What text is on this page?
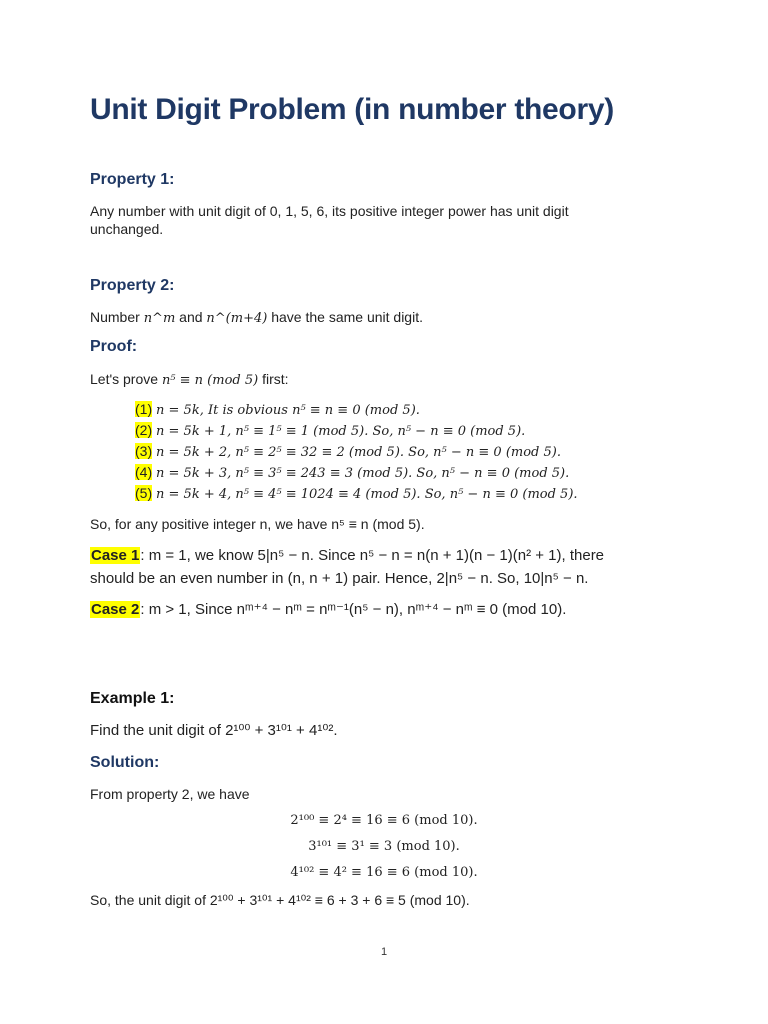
Unit Digit Problem (in number theory)
Property 1:
Any number with unit digit of 0, 1, 5, 6, its positive integer power has unit digit
unchanged.
Property 2:
Number n^m and n^(m+4) have the same unit digit.
Proof:
Let's prove n⁵ ≡ n (mod 5) first:
(1) n = 5k, It is obvious n⁵ ≡ n ≡ 0 (mod 5).
(2) n = 5k + 1, n⁵ ≡ 1⁵ ≡ 1 (mod 5). So, n⁵ − n ≡ 0 (mod 5).
(3) n = 5k + 2, n⁵ ≡ 2⁵ ≡ 32 ≡ 2 (mod 5). So, n⁵ − n ≡ 0 (mod 5).
(4) n = 5k + 3, n⁵ ≡ 3⁵ ≡ 243 ≡ 3 (mod 5). So, n⁵ − n ≡ 0 (mod 5).
(5) n = 5k + 4, n⁵ ≡ 4⁵ ≡ 1024 ≡ 4 (mod 5). So, n⁵ − n ≡ 0 (mod 5).
So, for any positive integer n, we have n⁵ ≡ n (mod 5).
Case 1: m = 1, we know 5|n⁵ − n. Since n⁵ − n = n(n + 1)(n − 1)(n² + 1), there
should be an even number in (n, n + 1) pair. Hence, 2|n⁵ − n. So, 10|n⁵ − n.
Case 2: m > 1, Since nᵐ⁺⁴ − nᵐ = nᵐ⁻¹(n⁵ − n), nᵐ⁺⁴ − nᵐ ≡ 0 (mod 10).
Example 1:
Find the unit digit of 2¹⁰⁰ + 3¹⁰¹ + 4¹⁰².
Solution:
From property 2, we have
2¹⁰⁰ ≡ 2⁴ ≡ 16 ≡ 6 (mod 10).
3¹⁰¹ ≡ 3¹ ≡ 3 (mod 10).
4¹⁰² ≡ 4² ≡ 16 ≡ 6 (mod 10).
So, the unit digit of 2¹⁰⁰ + 3¹⁰¹ + 4¹⁰² ≡ 6 + 3 + 6 ≡ 5 (mod 10).
1
